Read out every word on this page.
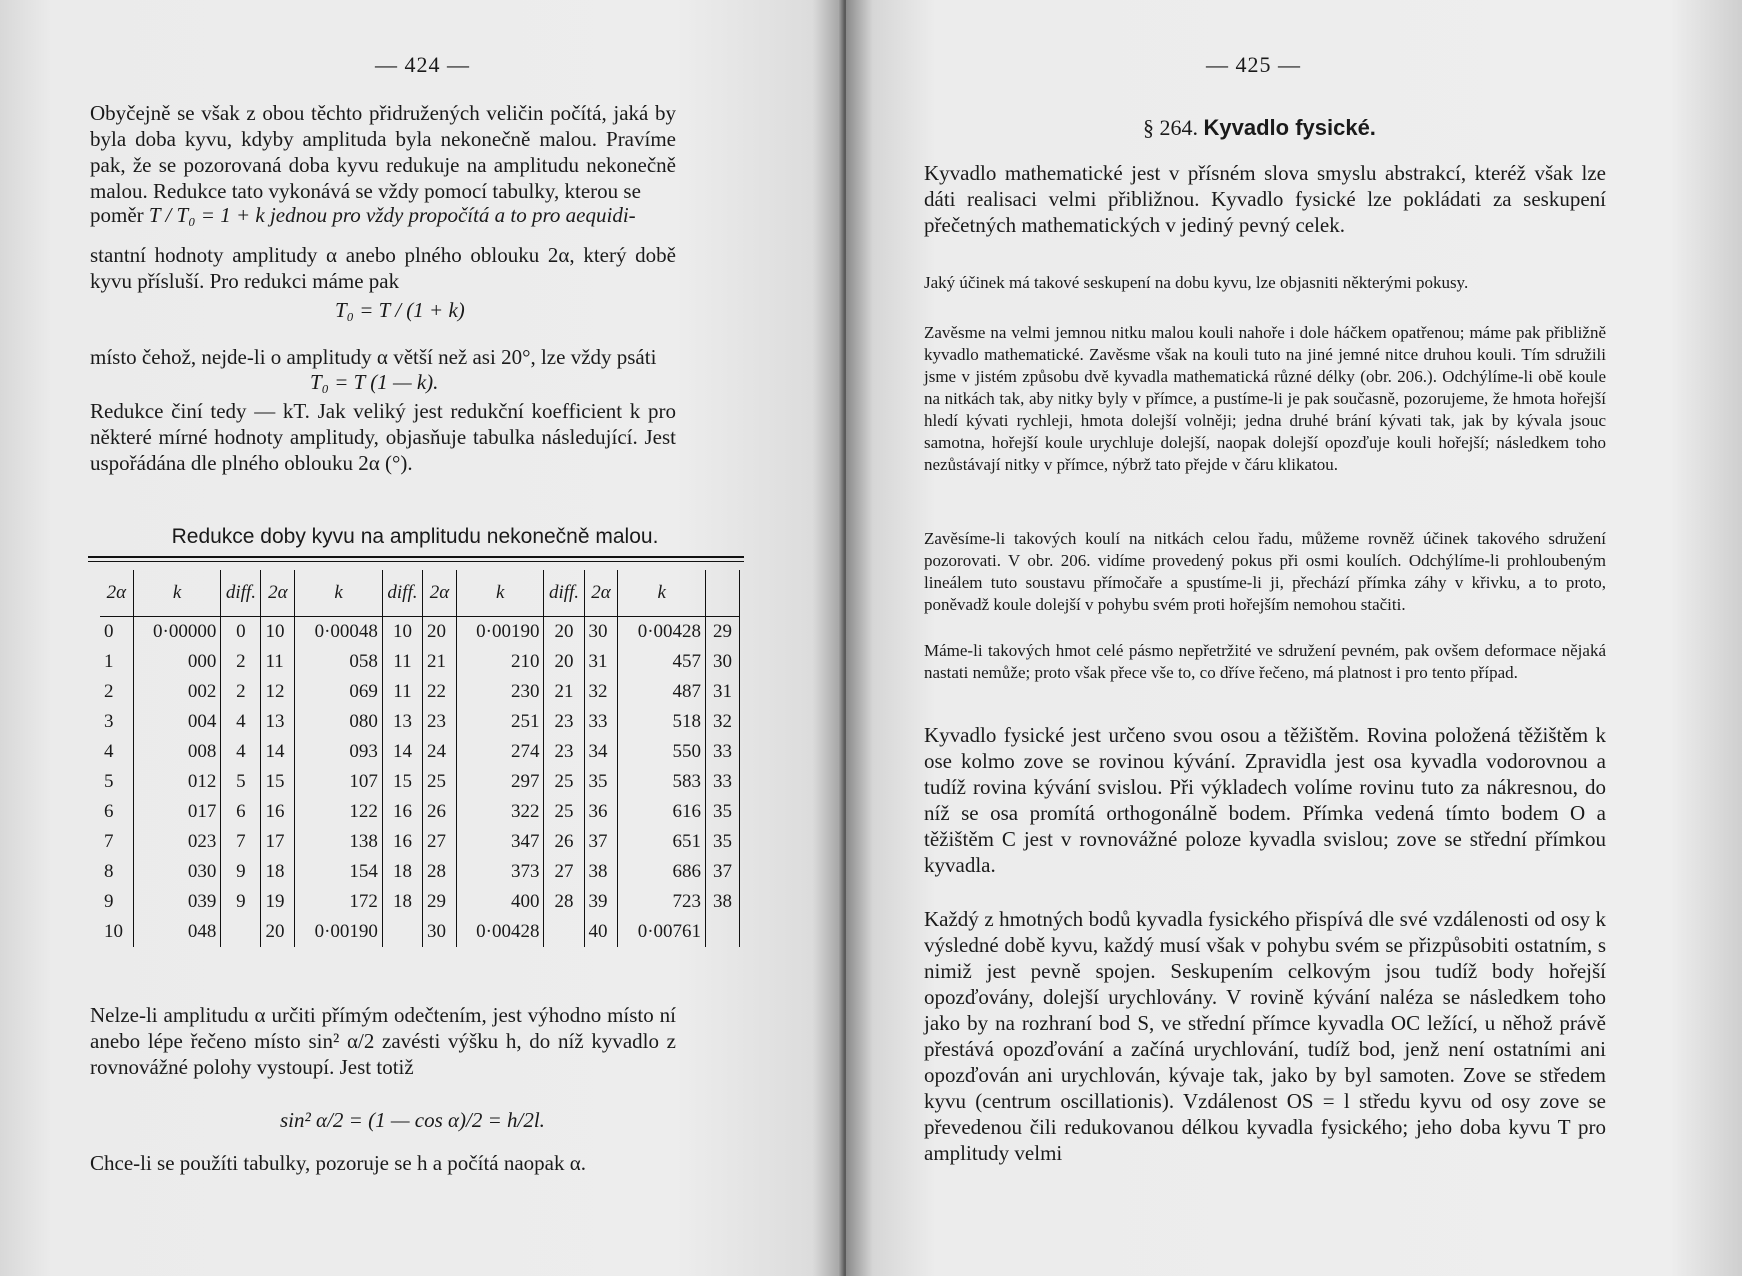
— 424 —

Obyčejně se však z obou těchto přidružených veličin počítá, jaká by byla doba kyvu, kdyby amplituda byla nekonečně malou. Pravíme pak, že se pozorovaná doba kyvu redukuje na amplitudu nekonečně malou. Redukce tato vykonává se vždy pomocí tabulky, kterou se

poměr T / T₀ = 1 + k jednou pro vždy propočítá a to pro aequidi-

stantní hodnoty amplitudy α anebo plného oblouku 2α, který době kyvu přísluší. Pro redukci máme pak

T₀ = T / (1 + k)

místo čehož, nejde-li o amplitudy α větší než asi 20°, lze vždy psáti

T₀ = T (1 — k).

Redukce činí tedy — kT. Jak veliký jest redukční koefficient k pro některé mírné hodnoty amplitudy, objasňuje tabulka následující. Jest uspořádána dle plného oblouku 2α (°).

Redukce doby kyvu na amplitudu nekonečně malou.
2α	k	diff.	2α	k	diff.	2α	k	diff.	2α	k	
0	0·00000	0	10	0·00048	10	20	0·00190	20	30	0·00428	29
1	000	2	11	058	11	21	210	20	31	457	30
2	002	2	12	069	11	22	230	21	32	487	31
3	004	4	13	080	13	23	251	23	33	518	32
4	008	4	14	093	14	24	274	23	34	550	33
5	012	5	15	107	15	25	297	25	35	583	33
6	017	6	16	122	16	26	322	25	36	616	35
7	023	7	17	138	16	27	347	26	37	651	35
8	030	9	18	154	18	28	373	27	38	686	37
9	039	9	19	172	18	29	400	28	39	723	38
10	048		20	0·00190		30	0·00428		40	0·00761	

Nelze-li amplitudu α určiti přímým odečtením, jest výhodno místo ní anebo lépe řečeno místo sin² α/2 zavésti výšku h, do níž kyvadlo z rovnovážné polohy vystoupí. Jest totiž

sin² α/2 = (1 — cos α)/2 = h/2l.

Chce-li se použíti tabulky, pozoruje se h a počítá naopak α.

— 425 —
§ 264. Kyvadlo fysické.

Kyvadlo mathematické jest v přísném slova smyslu abstrakcí, kteréž však lze dáti realisaci velmi přibližnou. Kyvadlo fysické lze pokládati za seskupení přečetných mathematických v jediný pevný celek.

Jaký účinek má takové seskupení na dobu kyvu, lze objasniti některými pokusy.

Zavěsme na velmi jemnou nitku malou kouli nahoře i dole háčkem opatřenou; máme pak přibližně kyvadlo mathematické. Zavěsme však na kouli tuto na jiné jemné nitce druhou kouli. Tím sdružili jsme v jistém způsobu dvě kyvadla mathematická různé délky (obr. 206.). Odchýlíme-li obě koule na nitkách tak, aby nitky byly v přímce, a pustíme-li je pak současně, pozorujeme, že hmota hořejší hledí kývati rychleji, hmota dolejší volněji; jedna druhé brání kývati tak, jak by kývala jsouc samotna, hořejší koule urychluje dolejší, naopak dolejší opozďuje kouli hořejší; následkem toho nezůstávají nitky v přímce, nýbrž tato přejde v čáru klikatou.

Zavěsíme-li takových koulí na nitkách celou řadu, můžeme rovněž účinek takového sdružení pozorovati. V obr. 206. vidíme provedený pokus při osmi koulích. Odchýlíme-li prohloubeným lineálem tuto soustavu přímočaře a spustíme-li ji, přechází přímka záhy v křivku, a to proto, poněvadž koule dolejší v pohybu svém proti hořejším nemohou stačiti.

Máme-li takových hmot celé pásmo nepřetržité ve sdružení pevném, pak ovšem deformace nějaká nastati nemůže; proto však přece vše to, co dříve řečeno, má platnost i pro tento případ.

Kyvadlo fysické jest určeno svou osou a těžištěm. Rovina položená těžištěm k ose kolmo zove se rovinou kývání. Zpravidla jest osa kyvadla vodorovnou a tudíž rovina kývání svislou. Při výkladech volíme rovinu tuto za nákresnou, do níž se osa promítá orthogonálně bodem. Přímka vedená tímto bodem O a těžištěm C jest v rovnovážné poloze kyvadla svislou; zove se střední přímkou kyvadla.

Každý z hmotných bodů kyvadla fysického přispívá dle své vzdálenosti od osy k výsledné době kyvu, každý musí však v pohybu svém se přizpůsobiti ostatním, s nimiž jest pevně spojen. Seskupením celkovým jsou tudíž body hořejší opozďovány, dolejší urychlovány. V rovině kývání naléza se následkem toho jako by na rozhraní bod S, ve střední přímce kyvadla OC ležící, u něhož právě přestává opozďování a začíná urychlování, tudíž bod, jenž není ostatními ani opozďován ani urychlován, kývaje tak, jako by byl samoten. Zove se středem kyvu (centrum oscillationis). Vzdálenost OS = l středu kyvu od osy zove se převedenou čili redukovanou délkou kyvadla fysického; jeho doba kyvu T pro amplitudy velmi
